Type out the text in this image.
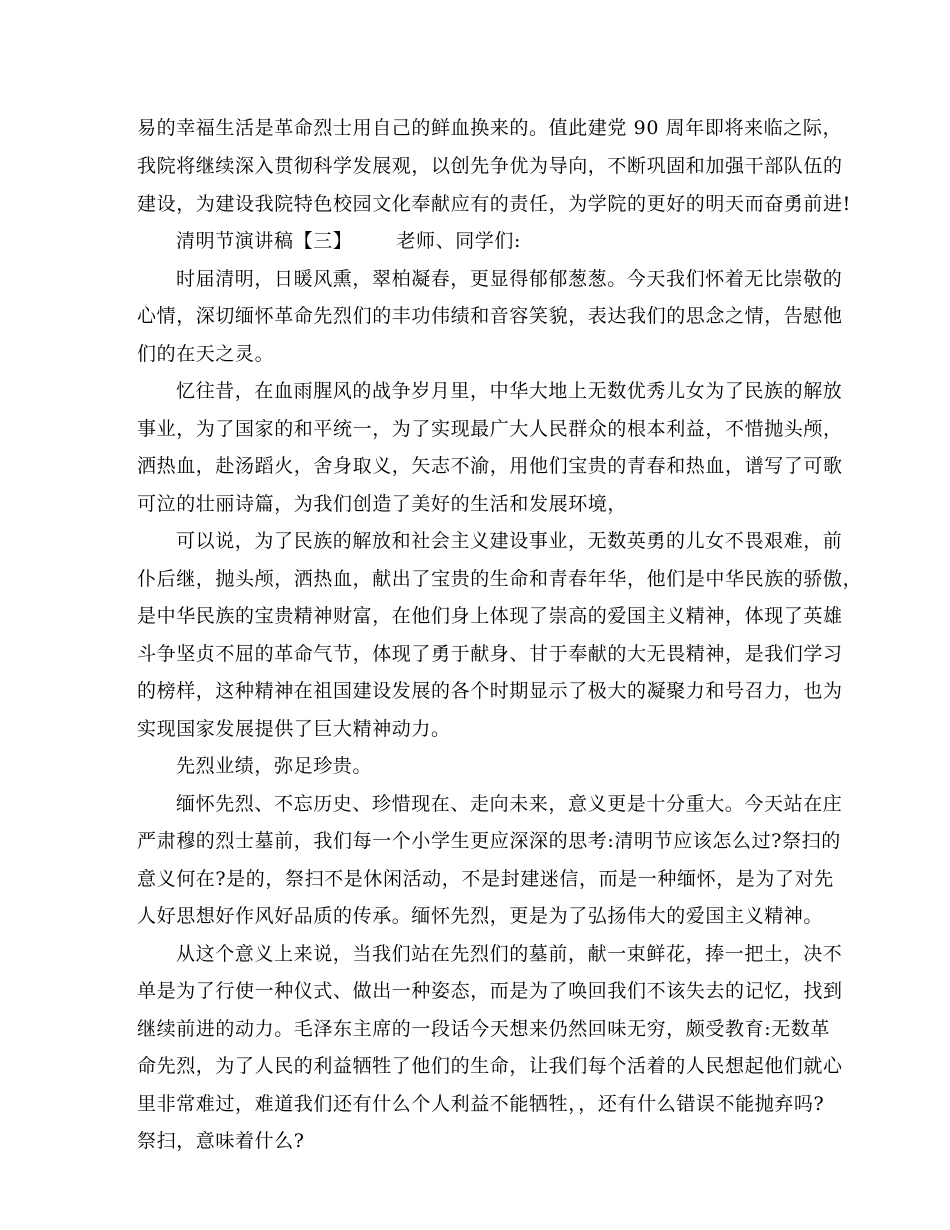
易的幸福生活是革命烈士用自己的鲜血换来的。值此建党 90 周年即将来临之际，
我院将继续深入贯彻科学发展观，以创先争优为导向，不断巩固和加强干部队伍的
建设，为建设我院特色校园文化奉献应有的责任，为学院的更好的明天而奋勇前进!
清明节演讲稿【三】 老师、同学们:
时届清明，日暖风熏，翠柏凝春，更显得郁郁葱葱。今天我们怀着无比崇敬的
心情，深切缅怀革命先烈们的丰功伟绩和音容笑貌，表达我们的思念之情，告慰他
们的在天之灵。
忆往昔，在血雨腥风的战争岁月里，中华大地上无数优秀儿女为了民族的解放
事业，为了国家的和平统一，为了实现最广大人民群众的根本利益，不惜抛头颅，
洒热血，赴汤蹈火，舍身取义，矢志不渝，用他们宝贵的青春和热血，谱写了可歌
可泣的壮丽诗篇，为我们创造了美好的生活和发展环境，
可以说，为了民族的解放和社会主义建设事业，无数英勇的儿女不畏艰难，前
仆后继，抛头颅，洒热血，献出了宝贵的生命和青春年华，他们是中华民族的骄傲，
是中华民族的宝贵精神财富，在他们身上体现了崇高的爱国主义精神，体现了英雄
斗争坚贞不屈的革命气节，体现了勇于献身、甘于奉献的大无畏精神，是我们学习
的榜样，这种精神在祖国建设发展的各个时期显示了极大的凝聚力和号召力，也为
实现国家发展提供了巨大精神动力。
先烈业绩，弥足珍贵。
缅怀先烈、不忘历史、珍惜现在、走向未来，意义更是十分重大。今天站在庄
严肃穆的烈士墓前，我们每一个小学生更应深深的思考:清明节应该怎么过?祭扫的
意义何在?是的，祭扫不是休闲活动，不是封建迷信，而是一种缅怀，是为了对先
人好思想好作风好品质的传承。缅怀先烈，更是为了弘扬伟大的爱国主义精神。
从这个意义上来说，当我们站在先烈们的墓前，献一束鲜花，捧一把土，决不
单是为了行使一种仪式、做出一种姿态，而是为了唤回我们不该失去的记忆，找到
继续前进的动力。毛泽东主席的一段话今天想来仍然回味无穷，颇受教育:无数革
命先烈，为了人民的利益牺牲了他们的生命，让我们每个活着的人民想起他们就心
里非常难过，难道我们还有什么个人利益不能牺牲，，还有什么错误不能抛弃吗?
祭扫，意味着什么?
